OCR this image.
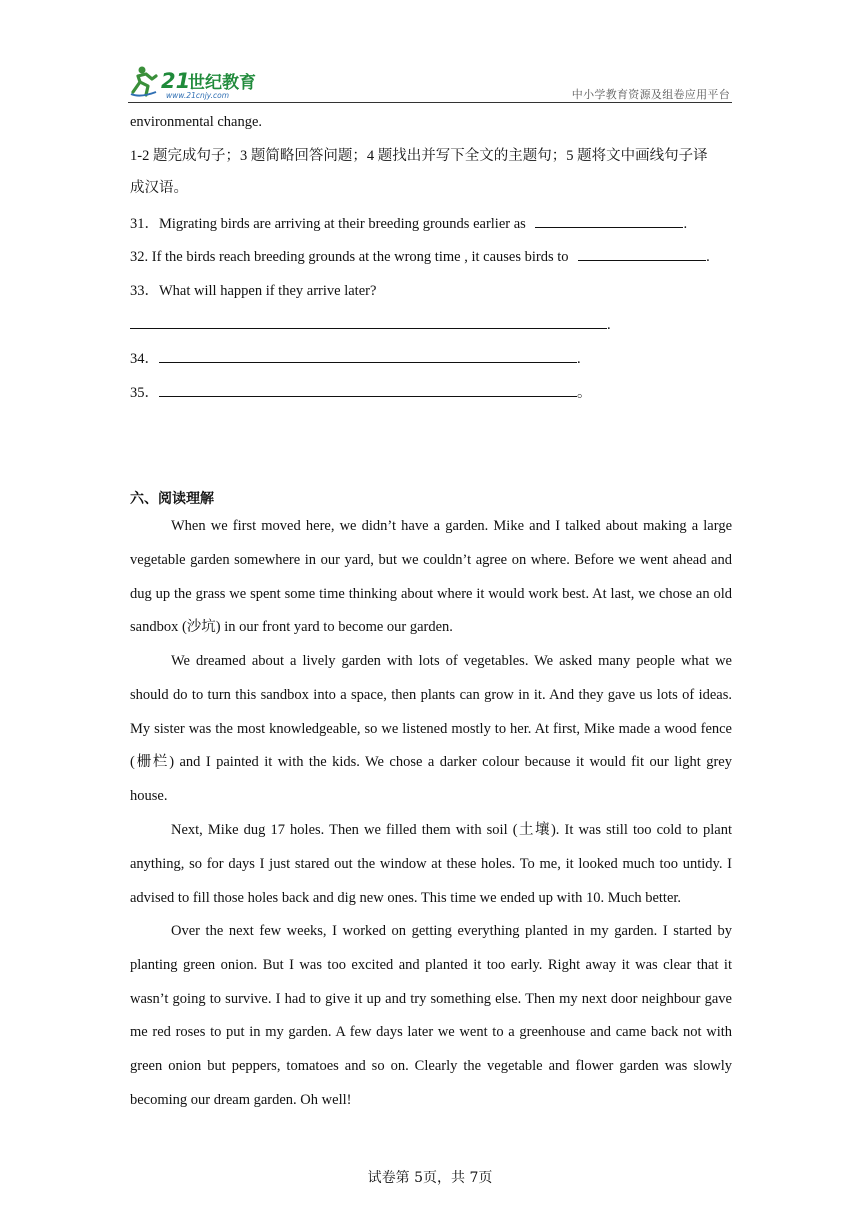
21
世纪教育
www.21cnjy.com	中小学教育资源及组卷应用平台
environmental change.
1-2 题完成句子；3 题简略回答问题；4 题找出并写下全文的主题句；5 题将文中画线句子译
成汉语。
31．Migrating birds are arriving at their breeding grounds earlier as	.
32. If the birds reach breeding grounds at the wrong time , it causes birds to	.
33．What will happen if they arrive later?
.
34．	.
35．	。
六、阅读理解
When we first moved here, we didn’t have a garden. Mike and I talked about making a large vegetable garden somewhere in our yard, but we couldn’t agree on where. Before we went ahead and dug up the grass we spent some time thinking about where it would work best. At last, we chose an old sandbox (沙坑) in our front yard to become our garden.
We dreamed about a lively garden with lots of vegetables. We asked many people what we should do to turn this sandbox into a space, then plants can grow in it. And they gave us lots of ideas. My sister was the most knowledgeable, so we listened mostly to her. At first, Mike made a wood fence (栅栏) and I painted it with the kids. We chose a darker colour because it would fit our light grey house.
Next, Mike dug 17 holes. Then we filled them with soil (土壤). It was still too cold to plant anything, so for days I just stared out the window at these holes. To me, it looked much too untidy. I advised to fill those holes back and dig new ones. This time we ended up with 10. Much better.
Over the next few weeks, I worked on getting everything planted in my garden. I started by planting green onion. But I was too excited and planted it too early. Right away it was clear that it wasn’t going to survive. I had to give it up and try something else. Then my next door neighbour gave me red roses to put in my garden. A few days later we went to a greenhouse and came back not with green onion but peppers, tomatoes and so on. Clearly the vegetable and flower garden was slowly becoming our dream garden. Oh well!
试卷第 5页，共 7页
